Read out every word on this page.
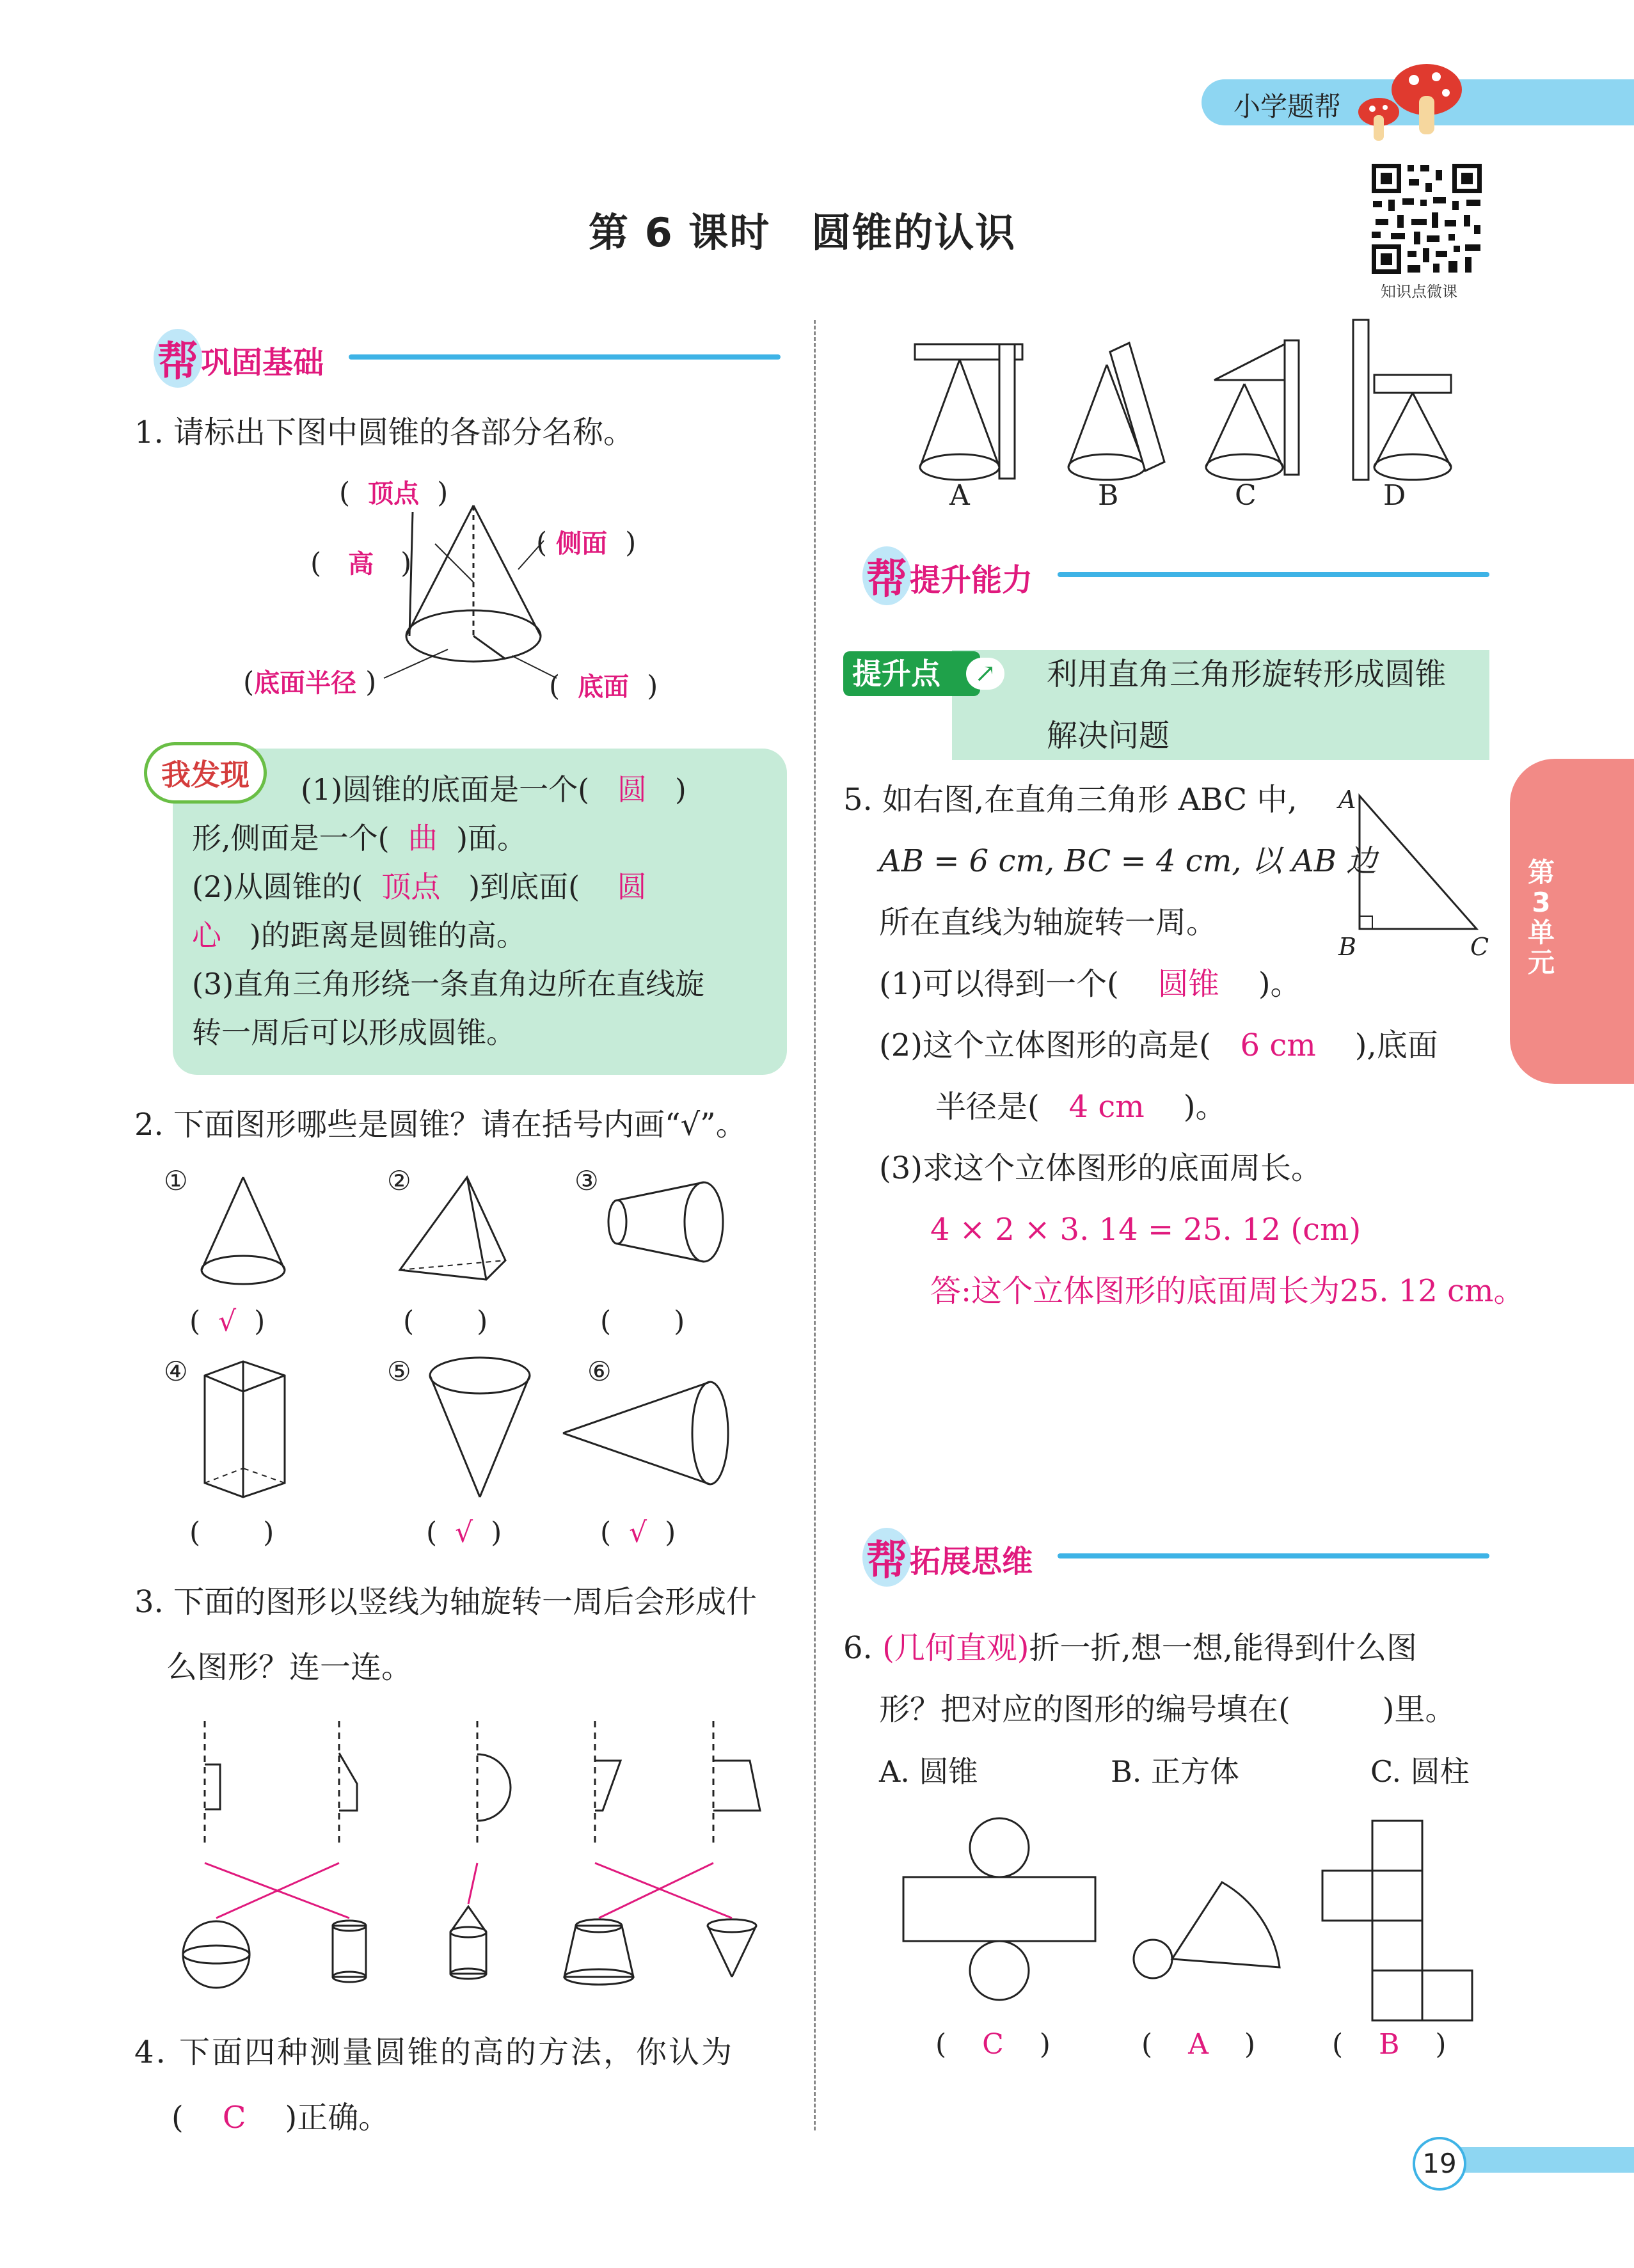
小学题帮
知识点微课
第 6 课时　圆锥的认识
第
3
单
元
帮 巩固基础
1. 请标出下图中圆锥的各部分名称。
(  顶点  )
(   高   )
( 侧面  )
(底面半径 )	(  底面  )
我发现	(1)圆锥的底面是一个( 圆 )
形,侧面是一个( 曲 )面。
(2)从圆锥的( 顶点 )到底面( 圆
心 )的距离是圆锥的高。
(3)直角三角形绕一条直角边所在直线旋
转一周后可以形成圆锥。
2. 下面图形哪些是圆锥？请在括号内画“√”。
①	②	③
④	⑤	⑥
(  √  )	(       )	(       )
(       )	(  √  )	(  √  )
3. 下面的图形以竖线为轴旋转一周后会形成什
么图形？连一连。
4. 下面四种测量圆锥的高的方法，你认为
(    C )正确。
A	B	C	D
帮 提升能力
提升点	↗ 利用直角三角形旋转形成圆锥
解决问题
5. 如右图,在直角三角形 ABC 中,
AB = 6 cm, BC = 4 cm, 以 AB 边
所在直线为轴旋转一周。
A
B	C
(1)可以得到一个( 圆锥 )。
(2)这个立体图形的高是( 6 cm ),底面
半径是( 4 cm )。
(3)求这个立体图形的底面周长。
4 × 2 × 3. 14 = 25. 12 (cm)
答:这个立体图形的底面周长为25. 12 cm。
帮 拓展思维
6. (几何直观)折一折,想一想,能得到什么图
形？把对应的图形的编号填在(　　　)里。
A. 圆锥	B. 正方体	C. 圆柱
(    C    )	(    A    )	(    B    )
19
